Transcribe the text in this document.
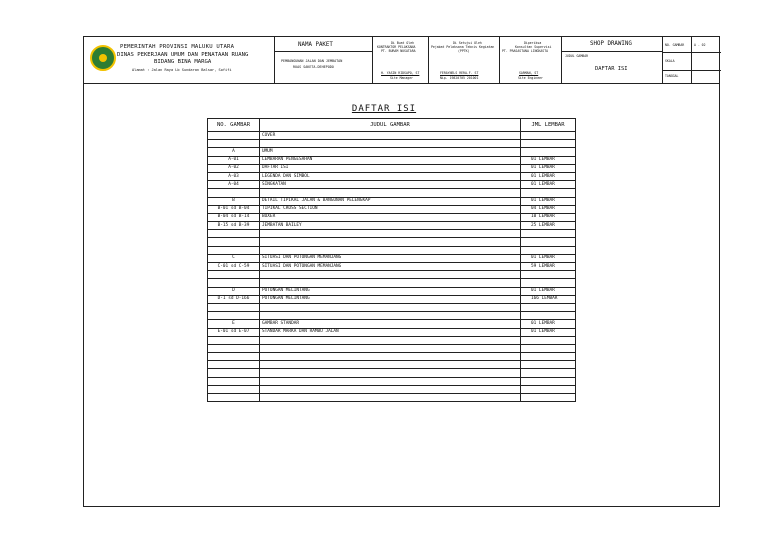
PEMERINTAH PROVINSI MALUKU UTARA
DINAS PEKERJAAN UMUM DAN PENATAAN RUANG
BIDANG BINA MARGA
Alamat : Jalan Raya Lb Sundaran Balsar, Sofifi
NAMA PAKET
PEMBANGUNAN JALAN DAN JEMBATAN
RUAS SAKETA-DEHEPODO
Di Buat Oleh
KONTRAKTOR PELAKSANA
PT. BURAM NUSATARA
H. YASIN RIDSAPO, ST
Site Manager
Di Setujui Oleh
Pejabat Pelaksana Teknis Kegiatan
(PPTK)
FERAYNELS RERA.F. ST
Nip. 19820705 201001
Diperiksa
Konsultan Supervisi
PT. PRASASTANA LINGKASTA
SARMAN, ST
Site Engineer
SHOP DRAWING
JUDUL GAMBAR
DAFTAR ISI
NO. GAMBAR	A - 02
SKALA
TANGGAL
DAFTAR ISI
NO. GAMBAR	JUDUL GAMBAR	JML LEMBAR
	COVER	

A	UMUM	
A-01	LEMBARAN PENGESAHAN	01 LEMBAR
A-02	DAFTAR ISI	01 LEMBAR
A-03	LEGENDA DAN SIMBOL	01 LEMBAR
A-04	SINGKATAN	01 LEMBAR

B	DETAIL TIPIKAL JALAN & BANGUNAN PELENGKAP	01 LEMBAR
B-01 sd B-04	TIPIKAL CROSS SECTION	04 LEMBAR
B-04 sd B-14	BOXER	10 LEMBAR
B-15 sd B-39	JEMBATAN BAILEY	25 LEMBAR

C	SITUASI DAN POTONGAN MEMANJANG	01 LEMBAR
C-01 sd C-59	SITUASI DAN POTONGAN MEMANJANG	59 LEMBAR

D	POTONGAN MELINTANG	01 LEMBAR
D-1 sd D-166	POTONGAN MELINTANG	166 LEMBAR

E	GAMBAR STANDAR	01 LEMBAR
E-01 sd E-07	STANDAR MARKA DAN RAMBU JALAN	01 LEMBAR
